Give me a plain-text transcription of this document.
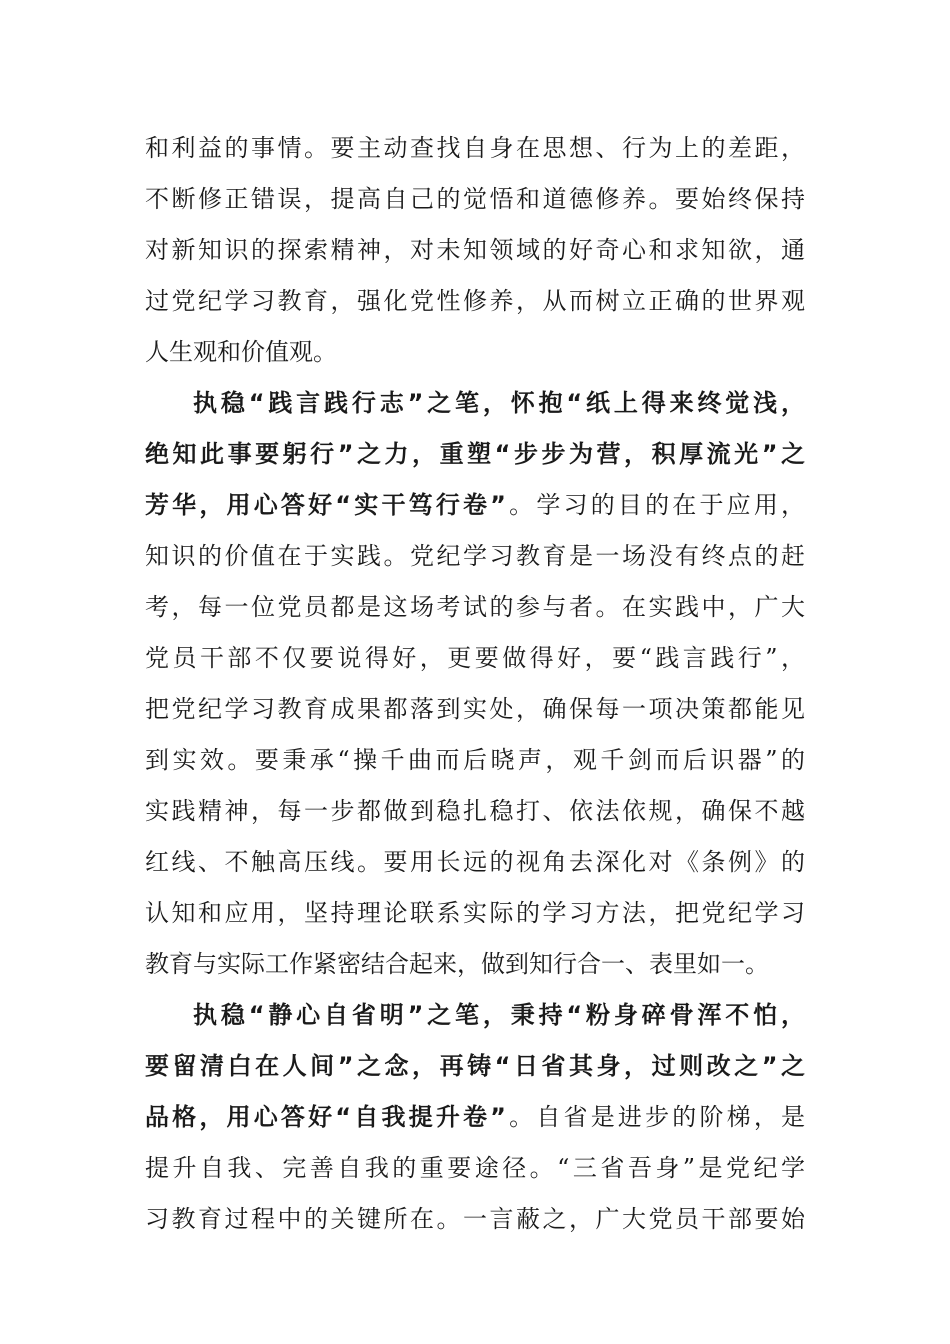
和利益的事情。要主动查找自身在思想、行为上的差距，
不断修正错误，提高自己的觉悟和道德修养。要始终保持
对新知识的探索精神，对未知领域的好奇心和求知欲，通
过党纪学习教育，强化党性修养，从而树立正确的世界观
人生观和价值观。
执稳“践言践行志”之笔，怀抱“纸上得来终觉浅，
绝知此事要躬行”之力，重塑“步步为营，积厚流光”之
芳华，用心答好“实干笃行卷”。学习的目的在于应用，
知识的价值在于实践。党纪学习教育是一场没有终点的赶
考，每一位党员都是这场考试的参与者。在实践中，广大
党员干部不仅要说得好，更要做得好，要“践言践行”，
把党纪学习教育成果都落到实处，确保每一项决策都能见
到实效。要秉承“操千曲而后晓声，观千剑而后识器”的
实践精神，每一步都做到稳扎稳打、依法依规，确保不越
红线、不触高压线。要用长远的视角去深化对《条例》的
认知和应用，坚持理论联系实际的学习方法，把党纪学习
教育与实际工作紧密结合起来，做到知行合一、表里如一。
执稳“静心自省明”之笔，秉持“粉身碎骨浑不怕，
要留清白在人间”之念，再铸“日省其身，过则改之”之
品格，用心答好“自我提升卷”。自省是进步的阶梯，是
提升自我、完善自我的重要途径。“三省吾身”是党纪学
习教育过程中的关键所在。一言蔽之，广大党员干部要始
